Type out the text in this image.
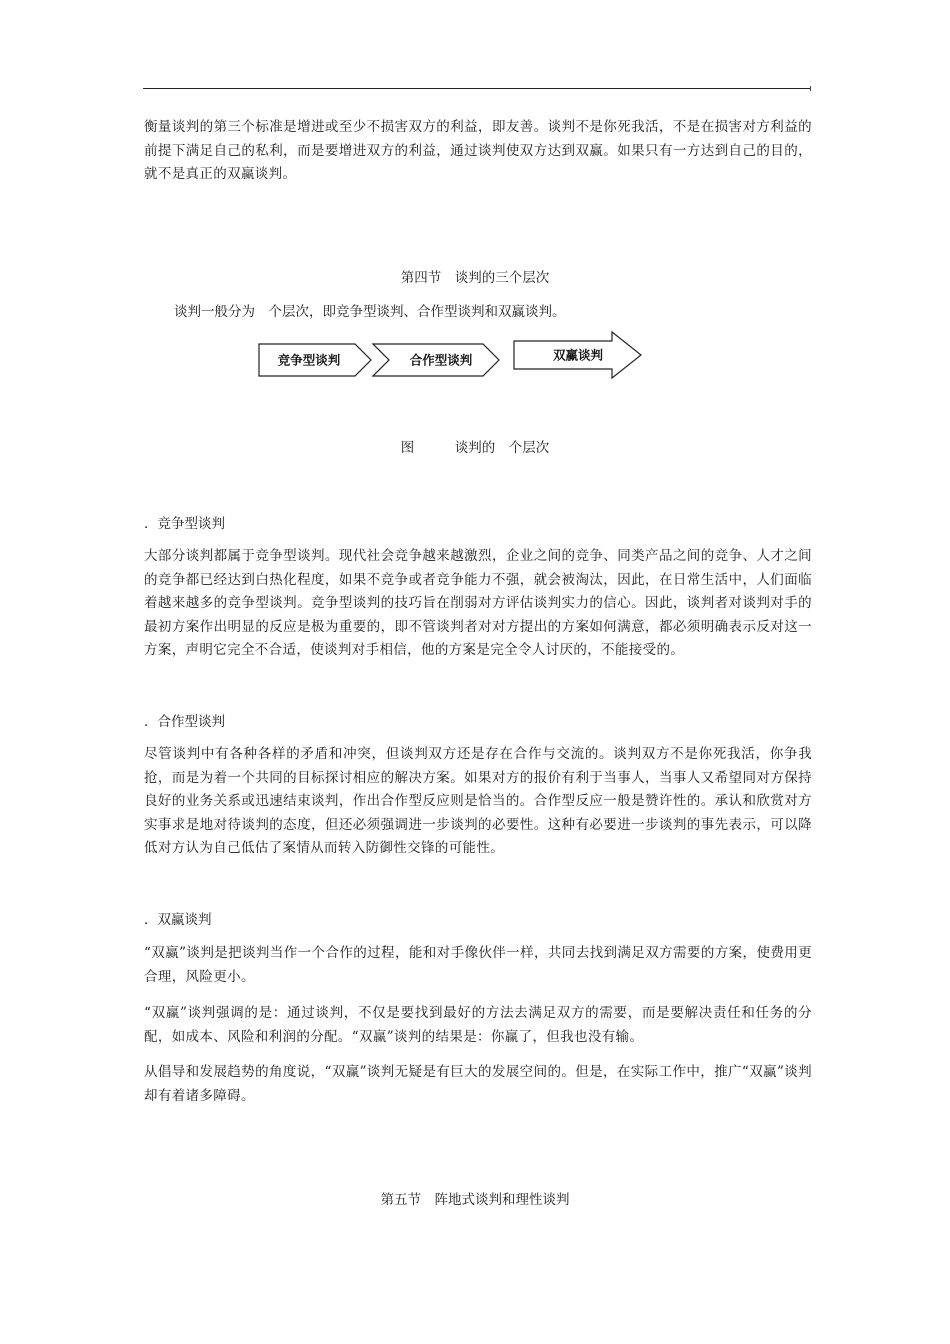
衡量谈判的第三个标准是增进或至少不损害双方的利益，即友善。谈判不是你死我活，不是在损害对方利益的前提下满足自己的私利，而是要增进双方的利益，通过谈判使双方达到双赢。如果只有一方达到自己的目的，就不是真正的双赢谈判。

第四节　谈判的三个层次

谈判一般分为　个层次，即竞争型谈判、合作型谈判和双赢谈判。

竞争型谈判	合作型谈判	双赢谈判

图　　　谈判的　个层次

．竞争型谈判

大部分谈判都属于竞争型谈判。现代社会竞争越来越激烈，企业之间的竞争、同类产品之间的竞争、人才之间的竞争都已经达到白热化程度，如果不竞争或者竞争能力不强，就会被淘汰，因此，在日常生活中，人们面临着越来越多的竞争型谈判。竞争型谈判的技巧旨在削弱对方评估谈判实力的信心。因此，谈判者对谈判对手的最初方案作出明显的反应是极为重要的，即不管谈判者对对方提出的方案如何满意，都必须明确表示反对这一方案，声明它完全不合适，使谈判对手相信，他的方案是完全令人讨厌的，不能接受的。

．合作型谈判

尽管谈判中有各种各样的矛盾和冲突，但谈判双方还是存在合作与交流的。谈判双方不是你死我活，你争我抢，而是为着一个共同的目标探讨相应的解决方案。如果对方的报价有利于当事人，当事人又希望同对方保持良好的业务关系或迅速结束谈判，作出合作型反应则是恰当的。合作型反应一般是赞许性的。承认和欣赏对方实事求是地对待谈判的态度，但还必须强调进一步谈判的必要性。这种有必要进一步谈判的事先表示，可以降低对方认为自己低估了案情从而转入防御性交锋的可能性。

．双赢谈判

“双赢”谈判是把谈判当作一个合作的过程，能和对手像伙伴一样，共同去找到满足双方需要的方案，使费用更合理，风险更小。

“双赢”谈判强调的是：通过谈判，不仅是要找到最好的方法去满足双方的需要，而是要解决责任和任务的分配，如成本、风险和利润的分配。“双赢”谈判的结果是：你赢了，但我也没有输。

从倡导和发展趋势的角度说，“双赢”谈判无疑是有巨大的发展空间的。但是，在实际工作中，推广“双赢”谈判却有着诸多障碍。

第五节　阵地式谈判和理性谈判
